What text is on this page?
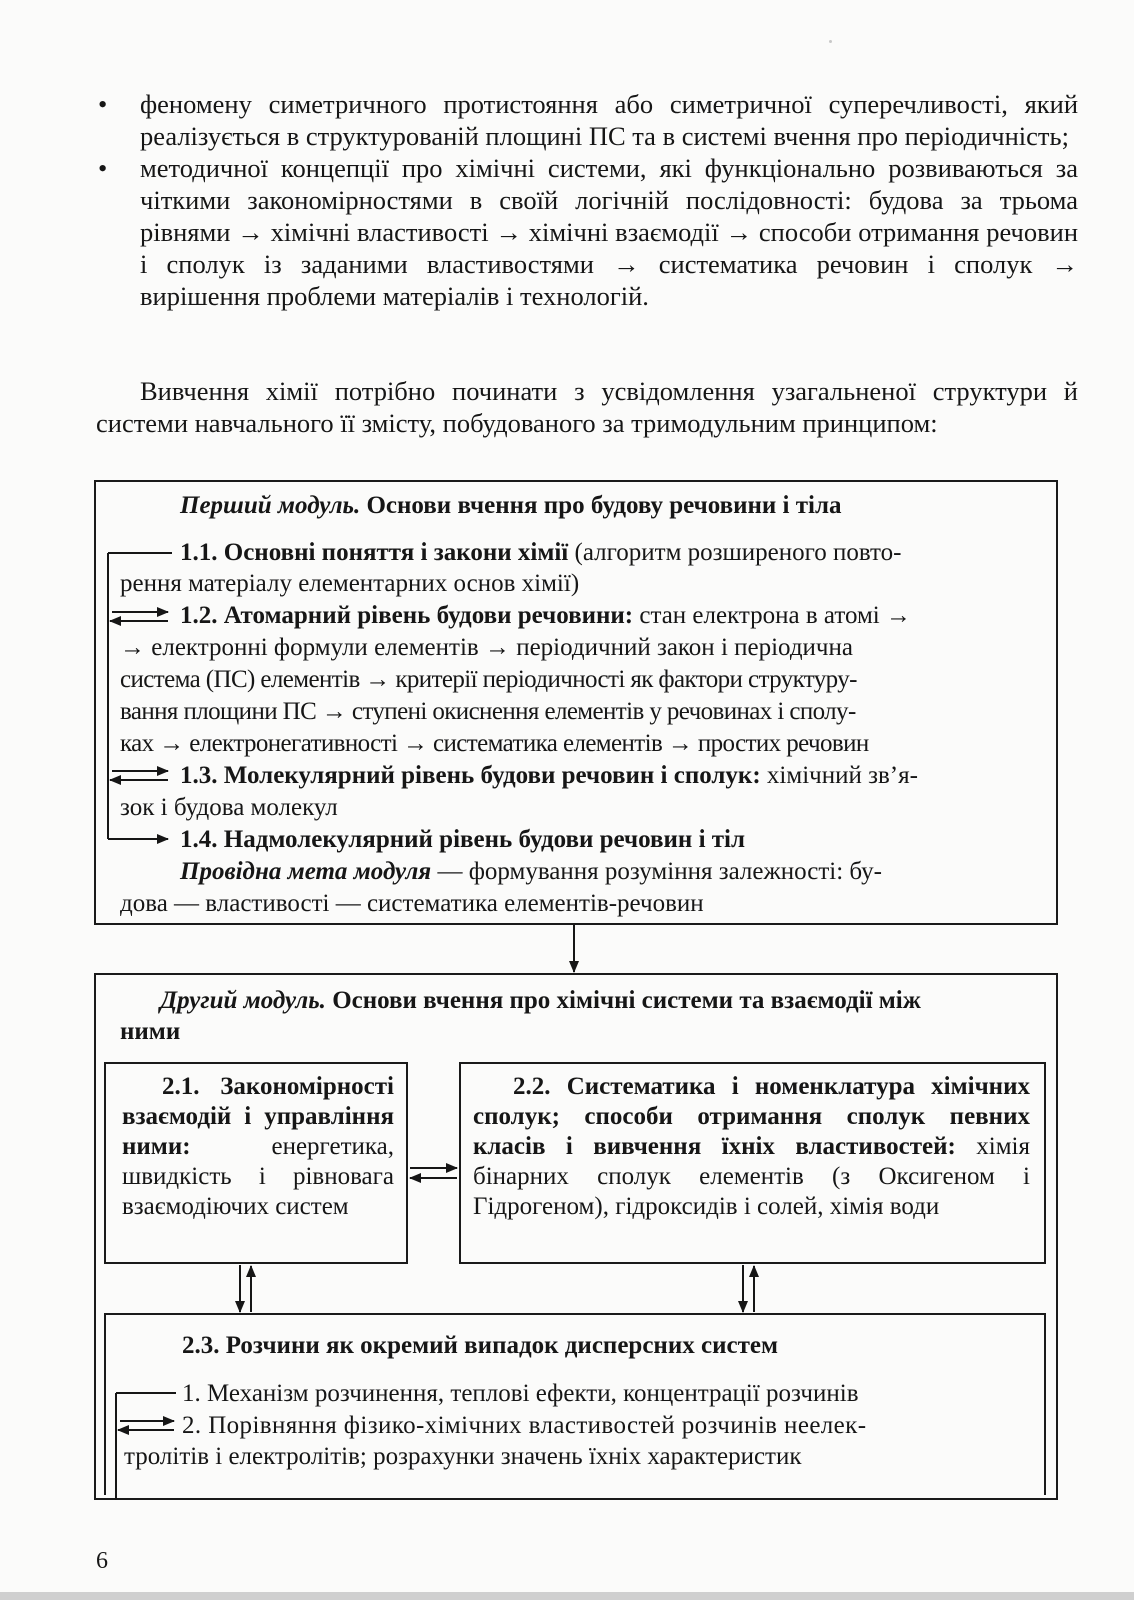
• феномену симетричного протистояння або симетричної суперечливості, який реалізується в структурованій площині ПС та в системі вчення про періодичність;
• методичної концепції про хімічні системи, які функціонально розвиваються за чіткими закономірностями в своїй логічній послідовності: будова за трьома рівнями → хімічні властивості → хімічні взаємодії → способи отримання речовин і сполук із заданими властивостями → систематика речовин і сполук → вирішення проблеми матеріалів і технологій.
Вивчення хімії потрібно починати з усвідомлення узагальненої структури й системи навчального її змісту, побудованого за тримодульним принципом:
Перший модуль. Основи вчення про будову речовини і тіла
1.1. Основні поняття і закони хімії (алгоритм розширеного повто-
рення матеріалу елементарних основ хімії)
1.2. Атомарний рівень будови речовини: стан електрона в атомі →
→ електронні формули елементів → періодичний закон і періодична
система (ПС) елементів → критерії періодичності як фактори структуру-
вання площини ПС → ступені окиснення елементів у речовинах і сполу-
ках → електронегативності → систематика елементів → простих речовин
1.3. Молекулярний рівень будови речовин і сполук: хімічний зв’я-
зок і будова молекул
1.4. Надмолекулярний рівень будови речовин і тіл
Провідна мета модуля — формування розуміння залежності: бу-
дова — властивості — систематика елементів-речовин
Другий модуль. Основи вчення про хімічні системи та взаємодії між
ними

2.1. Закономірності взаємодій і управління ними: енергетика, швидкість і рівновага взаємодіючих систем

2.2. Систематика і номенклатура хімічних сполук; способи отримання сполук певних класів і вивчення їхніх властивостей: хімія бінарних сполук елементів (з Оксигеном і Гідрогеном), гідроксидів і солей, хімія води

2.3. Розчини як окремий випадок дисперсних систем
1. Механізм розчинення, теплові ефекти, концентрації розчинів
2. Порівняння фізико-хімічних властивостей розчинів неелек-
тролітів і електролітів; розрахунки значень їхніх характеристик
6
